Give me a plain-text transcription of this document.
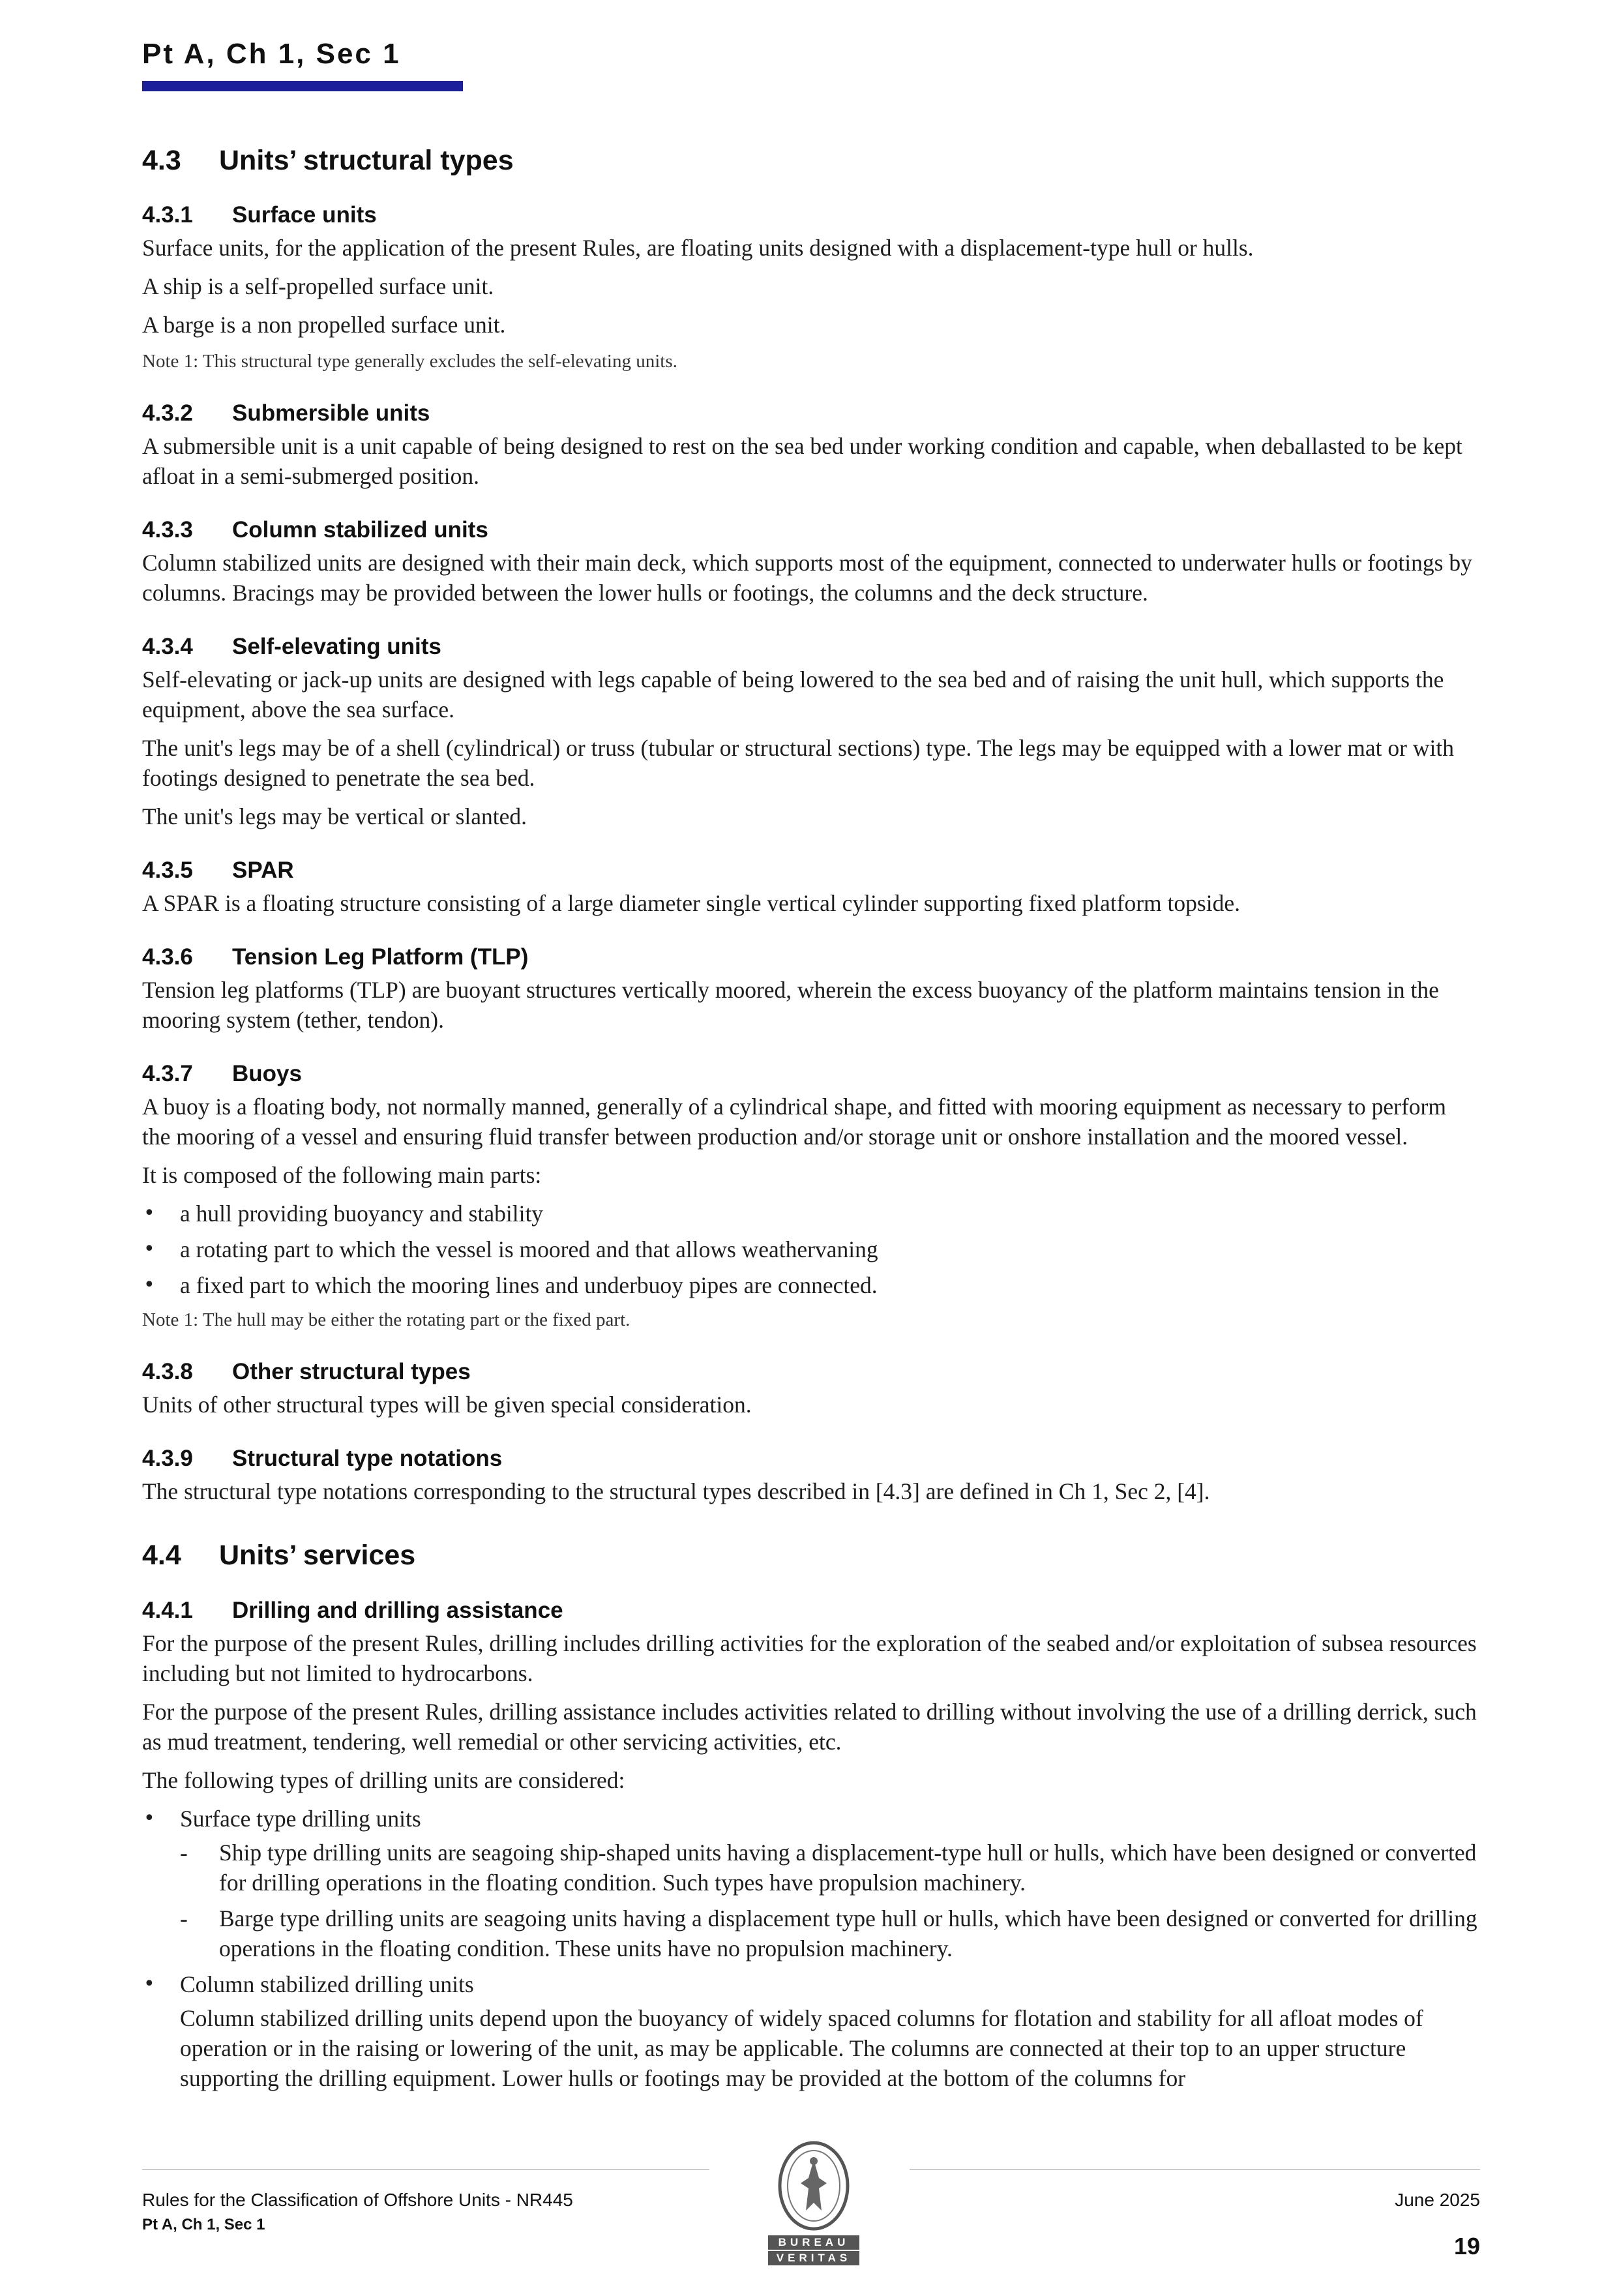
Pt A, Ch 1, Sec 1
4.3 Units’ structural types
4.3.1 Surface units

Surface units, for the application of the present Rules, are floating units designed with a displacement-type hull or hulls.

A ship is a self-propelled surface unit.

A barge is a non propelled surface unit.

Note 1: This structural type generally excludes the self-elevating units.

4.3.2 Submersible units

A submersible unit is a unit capable of being designed to rest on the sea bed under working condition and capable, when deballasted to be kept afloat in a semi-submerged position.

4.3.3 Column stabilized units

Column stabilized units are designed with their main deck, which supports most of the equipment, connected to underwater hulls or footings by columns. Bracings may be provided between the lower hulls or footings, the columns and the deck structure.

4.3.4 Self-elevating units

Self-elevating or jack-up units are designed with legs capable of being lowered to the sea bed and of raising the unit hull, which supports the equipment, above the sea surface.

The unit's legs may be of a shell (cylindrical) or truss (tubular or structural sections) type. The legs may be equipped with a lower mat or with footings designed to penetrate the sea bed.

The unit's legs may be vertical or slanted.

4.3.5 SPAR

A SPAR is a floating structure consisting of a large diameter single vertical cylinder supporting fixed platform topside.

4.3.6 Tension Leg Platform (TLP)

Tension leg platforms (TLP) are buoyant structures vertically moored, wherein the excess buoyancy of the platform maintains tension in the mooring system (tether, tendon).

4.3.7 Buoys

A buoy is a floating body, not normally manned, generally of a cylindrical shape, and fitted with mooring equipment as necessary to perform the mooring of a vessel and ensuring fluid transfer between production and/or storage unit or onshore installation and the moored vessel.

It is composed of the following main parts:

• a hull providing buoyancy and stability
• a rotating part to which the vessel is moored and that allows weathervaning
• a fixed part to which the mooring lines and underbuoy pipes are connected.

Note 1: The hull may be either the rotating part or the fixed part.

4.3.8 Other structural types

Units of other structural types will be given special consideration.

4.3.9 Structural type notations

The structural type notations corresponding to the structural types described in [4.3] are defined in Ch 1, Sec 2, [4].

4.4 Units’ services
4.4.1 Drilling and drilling assistance

For the purpose of the present Rules, drilling includes drilling activities for the exploration of the seabed and/or exploitation of subsea resources including but not limited to hydrocarbons.

For the purpose of the present Rules, drilling assistance includes activities related to drilling without involving the use of a drilling derrick, such as mud treatment, tendering, well remedial or other servicing activities, etc.

The following types of drilling units are considered:

• Surface type drilling units
- Ship type drilling units are seagoing ship-shaped units having a displacement-type hull or hulls, which have been designed or converted for drilling operations in the floating condition. Such types have propulsion machinery.
- Barge type drilling units are seagoing units having a displacement type hull or hulls, which have been designed or converted for drilling operations in the floating condition. These units have no propulsion machinery.
• Column stabilized drilling units
Column stabilized drilling units depend upon the buoyancy of widely spaced columns for flotation and stability for all afloat modes of operation or in the raising or lowering of the unit, as may be applicable. The columns are connected at their top to an upper structure supporting the drilling equipment. Lower hulls or footings may be provided at the bottom of the columns for
Rules for the Classification of Offshore Units - NR445
Pt A, Ch 1, Sec 1
BUREAU
VERITAS
June 2025
19
